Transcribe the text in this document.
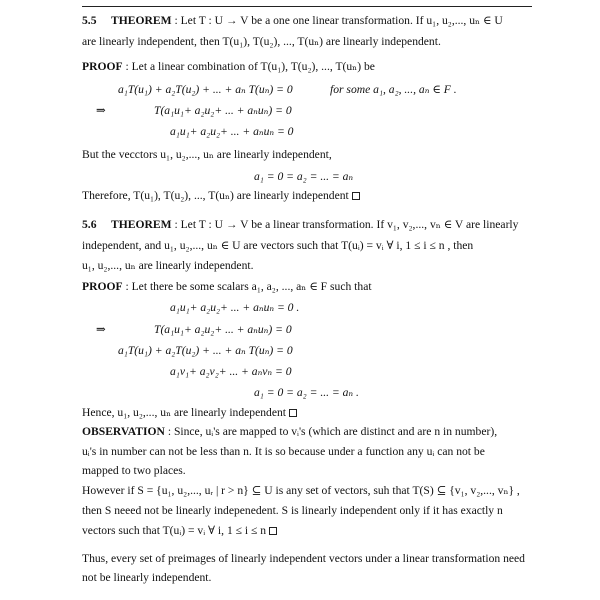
5.5 THEOREM : Let T : U → V be a one one linear transformation. If u₁, u₂,..., uₙ ∈ U
are linearly independent, then T(u₁), T(u₂), ..., T(uₙ) are linearly independent.
PROOF : Let a linear combination of T(u₁), T(u₂), ..., T(uₙ) be
a₁T(u₁) + a₂T(u₂) + ... + aₙ T(uₙ) = 0	for some a₁, a₂, ..., aₙ ∈ F .
⇒	T(a₁u₁+ a₂u₂+ ... + aₙuₙ) = 0
a₁u₁+ a₂u₂+ ... + aₙuₙ = 0
But the vecctors u₁, u₂,..., uₙ are linearly independent,
a₁ = 0 = a₂ = ... = aₙ
Therefore, T(u₁), T(u₂), ..., T(uₙ) are linearly independent
5.6 THEOREM : Let T : U → V be a linear transformation. If v₁, v₂,..., vₙ ∈ V are linearly
independent, and u₁, u₂,..., uₙ ∈ U are vectors such that T(uᵢ) = vᵢ ∀ i, 1 ≤ i ≤ n , then
u₁, u₂,..., uₙ are linearly independent.
PROOF : Let there be some scalars a₁, a₂, ..., aₙ ∈ F such that
a₁u₁+ a₂u₂+ ... + aₙuₙ = 0 .
⇒	T(a₁u₁+ a₂u₂+ ... + aₙuₙ) = 0
a₁T(u₁) + a₂T(u₂) + ... + aₙ T(uₙ) = 0
a₁v₁+ a₂v₂+ ... + aₙvₙ = 0
a₁ = 0 = a₂ = ... = aₙ .
Hence, u₁, u₂,..., uₙ are linearly independent
OBSERVATION : Since, uᵢ's are mapped to vᵢ's (which are distinct and are n in number),
uᵢ's in number can not be less than n. It is so because under a function any uᵢ can not be
mapped to two places.
However if S = {u₁, u₂,..., uᵣ | r > n} ⊆ U is any set of vectors, suh that T(S) ⊆ {v₁, v₂,..., vₙ} ,
then S neeed not be linearly indepenedent. S is linearly independent only if it has exactly n
vectors such that T(uᵢ) = vᵢ ∀ i, 1 ≤ i ≤ n
Thus, every set of preimages of linearly independent vectors under a linear transformation need
not be linearly independent.
